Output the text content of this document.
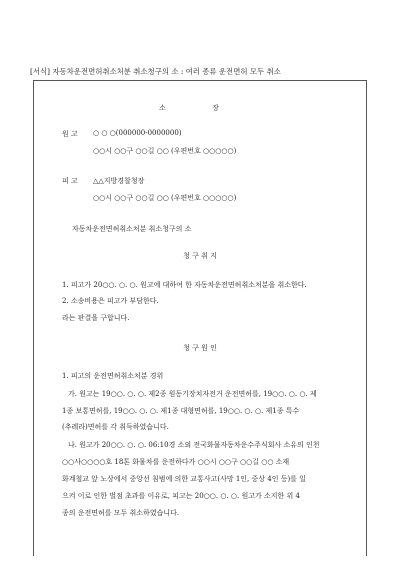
[서식] 자동차운전면허취소처분 취소청구의 소 : 여러 종류 운전면허 모두 취소
소 장
원 고 ○ ○ ○(000000-0000000)
○○시 ○○구 ○○길 ○○ (우편번호 ○○○○○)
피 고 △△지방경찰청장
○○시 ○○구 ○○길 ○○ (우편번호 ○○○○○)
자동차운전면허취소처분 취소청구의 소
청 구 취 지
1. 피고가 20○○. ○. ○. 원고에 대하여 한 자동차운전면허취소처분을 취소한다.
2. 소송비용은 피고가 부담한다.
라는 판결을 구합니다.
청 구 원 인
1. 피고의 운전면허취소처분 경위
가. 원고는 19○○. ○. ○. 제2종 원동기장치자전거 운전면허를, 19○○. ○. ○. 제
1종 보통면허를, 19○○. ○. ○. 제1종 대형면허를, 19○○. ○. ○. 제1종 특수
(추레라)면허를 각 취득하였습니다.
나. 원고가 20○○. ○. ○. 06:10경 소외 전국화물자동차운수주식회사 소유의 인천
○○사○○○○호 18톤 화물차를 운전하다가 ○○시 ○○구 ○○길 ○○ 소재
화계철교 앞 노상에서 중앙선 침범에 의한 교통사고(사망 1인, 중상 4인 등)를 일
으켜 이로 인한 벌점 초과를 이유로, 피고는 20○○. ○. ○. 원고가 소지한 위 4
종의 운전면허를 모두 취소하였습니다.
